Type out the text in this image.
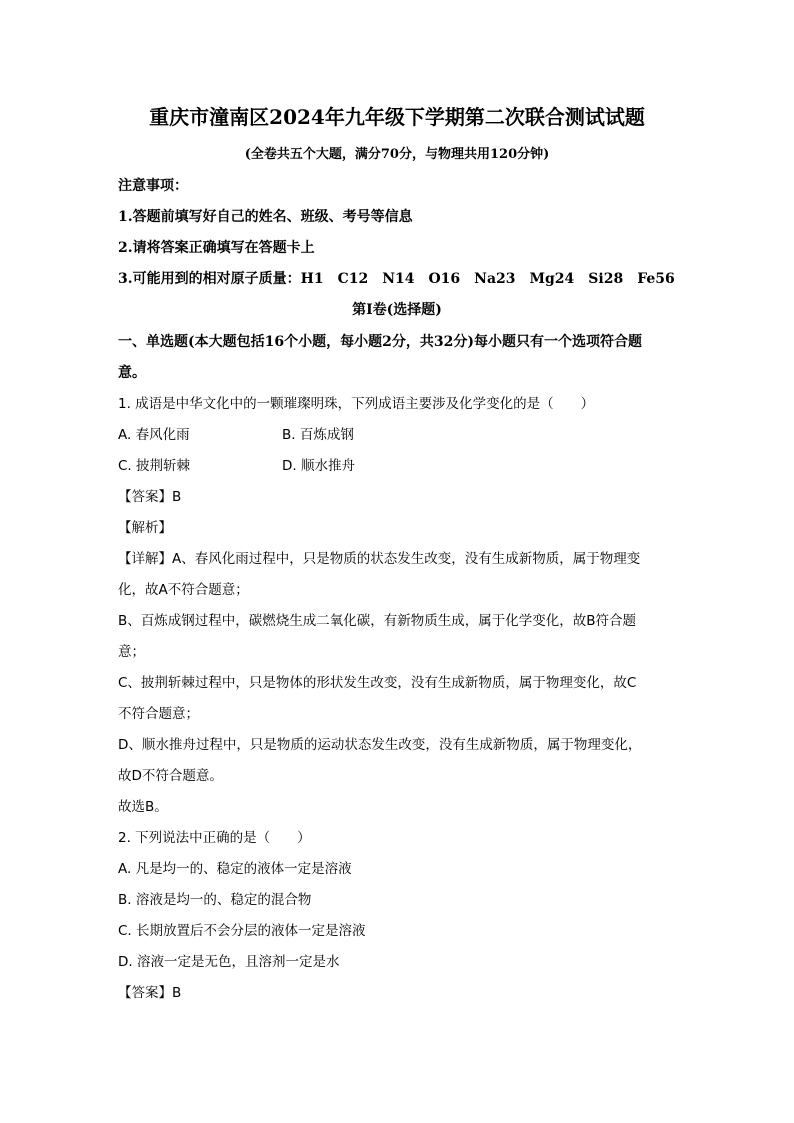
重庆市潼南区2024年九年级下学期第二次联合测试试题
(全卷共五个大题，满分70分，与物理共用120分钟)
注意事项：
1.答题前填写好自己的姓名、班级、考号等信息
2.请将答案正确填写在答题卡上
3.可能用到的相对原子质量：H1　C12　N14　O16　Na23　Mg24　Si28　Fe56
第I卷(选择题)
一、单选题(本大题包括16个小题，每小题2分，共32分)每小题只有一个选项符合题
意。
1. 成语是中华文化中的一颗璀璨明珠，下列成语主要涉及化学变化的是（　　）
A. 春风化雨	B. 百炼成钢
C. 披荆斩棘	D. 顺水推舟
【答案】B
【解析】
【详解】A、春风化雨过程中，只是物质的状态发生改变，没有生成新物质，属于物理变
化，故A不符合题意；
B、百炼成钢过程中，碳燃烧生成二氧化碳，有新物质生成，属于化学变化，故B符合题
意；
C、披荆斩棘过程中，只是物体的形状发生改变，没有生成新物质，属于物理变化，故C
不符合题意；
D、顺水推舟过程中，只是物质的运动状态发生改变，没有生成新物质，属于物理变化，
故D不符合题意。
故选B。
2. 下列说法中正确的是（　　）
A. 凡是均一的、稳定的液体一定是溶液
B. 溶液是均一的、稳定的混合物
C. 长期放置后不会分层的液体一定是溶液
D. 溶液一定是无色，且溶剂一定是水
【答案】B
